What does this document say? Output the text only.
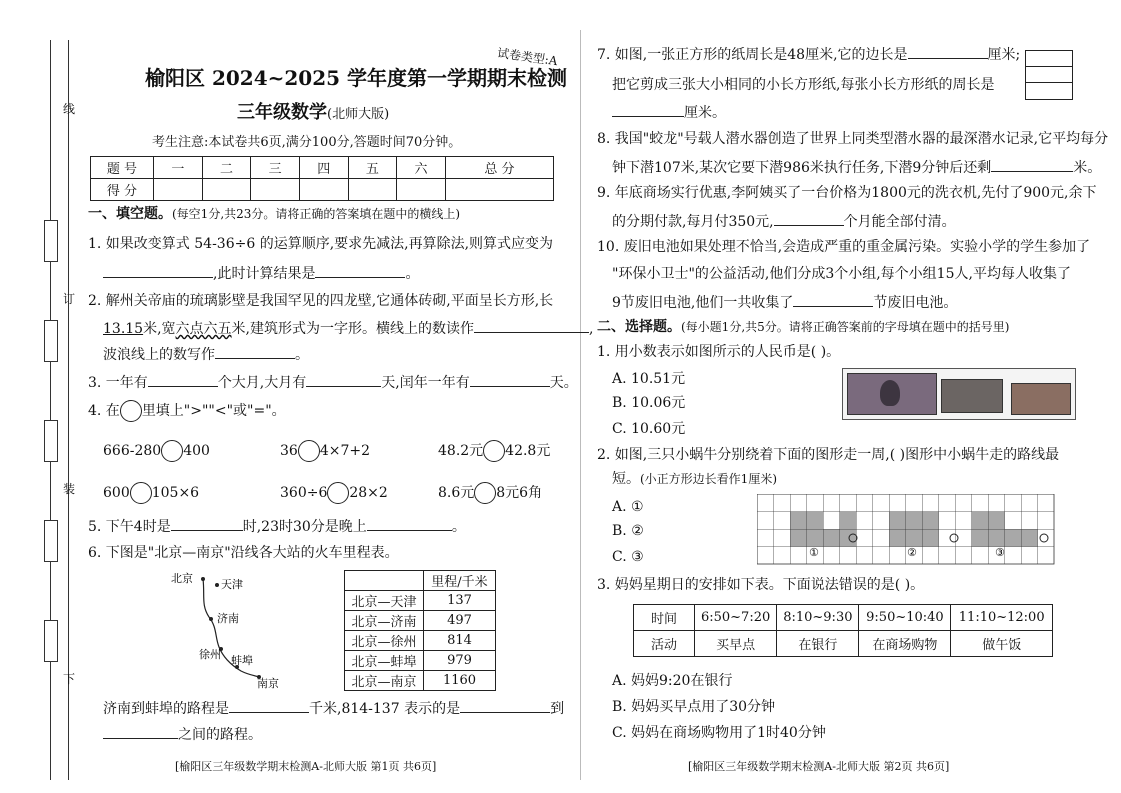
线
订
装
下
试卷类型:A
榆阳区 2024~2025 学年度第一学期期末检测
三年级数学(北师大版)
考生注意:本试卷共6页,满分100分,答题时间70分钟。
题 号	一	二	三	四	五	六	总 分
得 分							
一、填空题。(每空1分,共23分。请将正确的答案填在题中的横线上)
1. 如果改变算式 54-36÷6 的运算顺序,要求先减法,再算除法,则算式应变为
,此时计算结果是	。
2. 解州关帝庙的琉璃影壁是我国罕见的四龙壁,它通体砖砌,平面呈长方形,长
13.15米,宽六点六五米,建筑形式为一字形。横线上的数读作	,
波浪线上的数写作	。
3. 一年有	个大月,大月有	天,闰年一年有	天。
4. 在 里填上">""<"或"="。
666-280 400	36 4×7+2	48.2元 42.8元
600 105×6	360÷6 28×2	8.6元 8元6角
5. 下午4时是	时,23时30分是晚上	。
6. 下图是"北京—南京"沿线各大站的火车里程表。
北京	天津
济南
徐州 蚌埠
南京
	里程/千米
北京—天津	137
北京—济南	497
北京—徐州	814
北京—蚌埠	979
北京—南京	1160
济南到蚌埠的路程是	千米,814-137 表示的是	到
之间的路程。
[榆阳区三年级数学期末检测A-北师大版 第1页 共6页]
7. 如图,一张正方形的纸周长是48厘米,它的边长是	厘米;
把它剪成三张大小相同的小长方形纸,每张小长方形纸的周长是
厘米。
8. 我国"蛟龙"号载人潜水器创造了世界上同类型潜水器的最深潜水记录,它平均每分
钟下潜107米,某次它要下潜986米执行任务,下潜9分钟后还剩	米。
9. 年底商场实行优惠,李阿姨买了一台价格为1800元的洗衣机,先付了900元,余下
的分期付款,每月付350元,	个月能全部付清。
10. 废旧电池如果处理不恰当,会造成严重的重金属污染。实验小学的学生参加了
"环保小卫士"的公益活动,他们分成3个小组,每个小组15人,平均每人收集了
9节废旧电池,他们一共收集了	节废旧电池。
二、选择题。(每小题1分,共5分。请将正确答案前的字母填在题中的括号里)
1. 用小数表示如图所示的人民币是( )。
A. 10.51元
B. 10.06元
C. 10.60元
2. 如图,三只小蜗牛分别绕着下面的图形走一周,( )图形中小蜗牛走的路线最
短。(小正方形边长看作1厘米)
A. ①
B. ②
C. ③	①	②	③
3. 妈妈星期日的安排如下表。下面说法错误的是( )。
时间	6:50~7:20	8:10~9:30	9:50~10:40	11:10~12:00
活动	买早点	在银行	在商场购物	做午饭
A. 妈妈9:20在银行
B. 妈妈买早点用了30分钟
C. 妈妈在商场购物用了1时40分钟
[榆阳区三年级数学期末检测A-北师大版 第2页 共6页]
